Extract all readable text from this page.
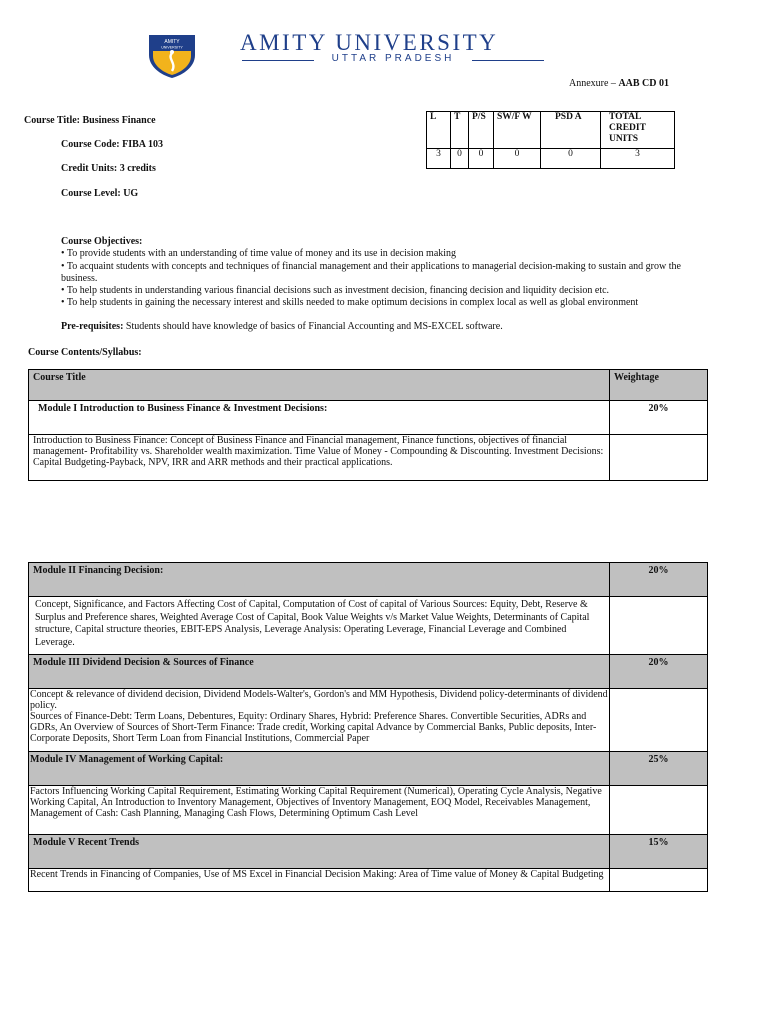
AMITY
UNIVERSITY AMITY UNIVERSITY
UTTAR PRADESH
Annexure – AAB CD 01
Course Title: Business Finance
Course Code: FIBA 103
Credit Units: 3 credits
Course Level: UG
L	T	P/S	SW/F W	PSD A	TOTAL CREDIT UNITS
3	0	0	0	0	3
Course Objectives:
• To provide students with an understanding of time value of money and its use in decision making
• To acquaint students with concepts and techniques of financial management and their applications to managerial decision-making to sustain and grow the business.
• To help students in understanding various financial decisions such as investment decision, financing decision and liquidity decision etc.
• To help students in gaining the necessary interest and skills needed to make optimum decisions in complex local as well as global environment
Pre-requisites: Students should have knowledge of basics of Financial Accounting and MS-EXCEL software.
Course Contents/Syllabus:
Course Title	Weightage

Module I Introduction to Business Finance & Investment Decisions:	20%

Introduction to Business Finance: Concept of Business Finance and Financial management, Finance functions, objectives of financial management- Profitability vs. Shareholder wealth maximization. Time Value of Money - Compounding & Discounting. Investment Decisions: Capital Budgeting-Payback, NPV, IRR and ARR methods and their practical applications.	

Module II Financing Decision:	20%

Concept, Significance, and Factors Affecting Cost of Capital, Computation of Cost of capital of Various Sources: Equity, Debt, Reserve & Surplus and Preference shares, Weighted Average Cost of Capital, Book Value Weights v/s Market Value Weights, Determinants of Capital structure, Capital structure theories, EBIT-EPS Analysis, Leverage Analysis: Operating Leverage, Financial Leverage and Combined Leverage.	

Module III Dividend Decision & Sources of Finance	20%

Concept & relevance of dividend decision, Dividend Models-Walter's, Gordon's and MM Hypothesis, Dividend policy-determinants of dividend policy.
Sources of Finance-Debt: Term Loans, Debentures, Equity: Ordinary Shares, Hybrid: Preference Shares. Convertible Securities, ADRs and GDRs, An Overview of Sources of Short-Term Finance: Trade credit, Working capital Advance by Commercial Banks, Public deposits, Inter-Corporate Deposits, Short Term Loan from Financial Institutions, Commercial Paper	

Module IV Management of Working Capital:	25%

Factors Influencing Working Capital Requirement, Estimating Working Capital Requirement (Numerical), Operating Cycle Analysis, Negative Working Capital, An Introduction to Inventory Management, Objectives of Inventory Management, EOQ Model, Receivables Management, Management of Cash: Cash Planning, Managing Cash Flows, Determining Optimum Cash Level	

Module V Recent Trends	15%

Recent Trends in Financing of Companies, Use of MS Excel in Financial Decision Making: Area of Time value of Money & Capital Budgeting	
